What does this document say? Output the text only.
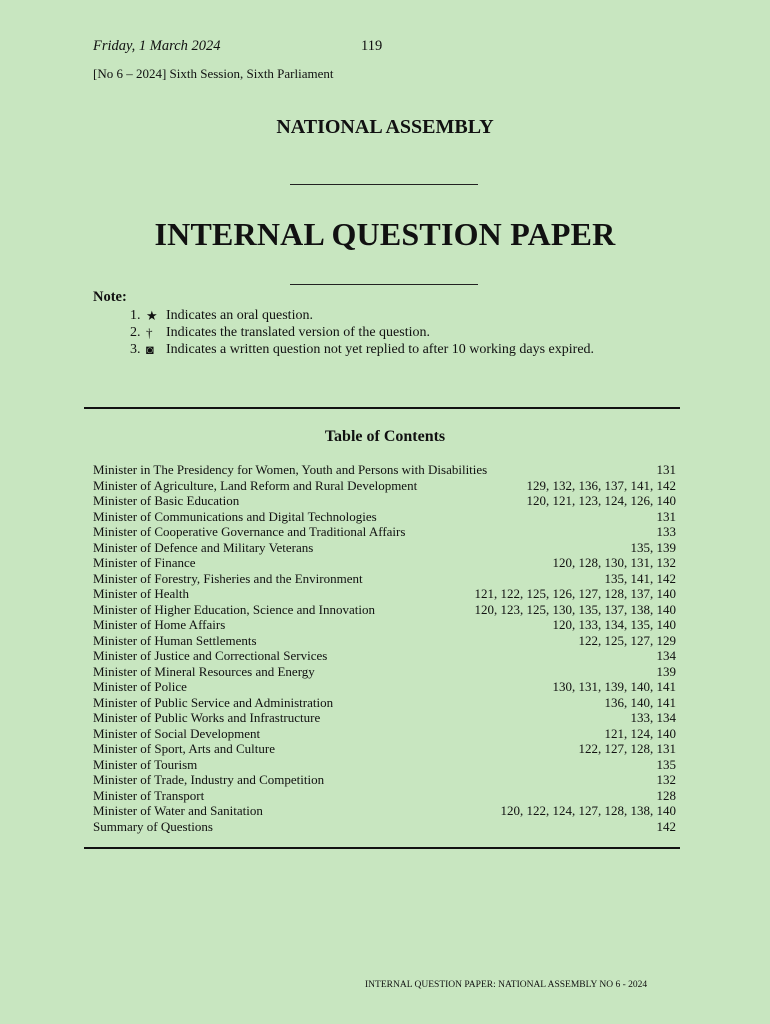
Friday, 1 March 2024	119
[No 6 – 2024] Sixth Session, Sixth Parliament
NATIONAL ASSEMBLY
INTERNAL QUESTION PAPER
Note:
1. ★ Indicates an oral question.
2. † Indicates the translated version of the question.
3. ◙ Indicates a written question not yet replied to after 10 working days expired.
Table of Contents
Minister in The Presidency for Women, Youth and Persons with Disabilities	131
Minister of Agriculture, Land Reform and Rural Development	129, 132, 136, 137, 141, 142
Minister of Basic Education	120, 121, 123, 124, 126, 140
Minister of Communications and Digital Technologies	131
Minister of Cooperative Governance and Traditional Affairs	133
Minister of Defence and Military Veterans	135, 139
Minister of Finance	120, 128, 130, 131, 132
Minister of Forestry, Fisheries and the Environment	135, 141, 142
Minister of Health	121, 122, 125, 126, 127, 128, 137, 140
Minister of Higher Education, Science and Innovation	120, 123, 125, 130, 135, 137, 138, 140
Minister of Home Affairs	120, 133, 134, 135, 140
Minister of Human Settlements	122, 125, 127, 129
Minister of Justice and Correctional Services	134
Minister of Mineral Resources and Energy	139
Minister of Police	130, 131, 139, 140, 141
Minister of Public Service and Administration	136, 140, 141
Minister of Public Works and Infrastructure	133, 134
Minister of Social Development	121, 124, 140
Minister of Sport, Arts and Culture	122, 127, 128, 131
Minister of Tourism	135
Minister of Trade, Industry and Competition	132
Minister of Transport	128
Minister of Water and Sanitation	120, 122, 124, 127, 128, 138, 140
Summary of Questions	142
INTERNAL QUESTION PAPER: NATIONAL ASSEMBLY NO 6 - 2024
